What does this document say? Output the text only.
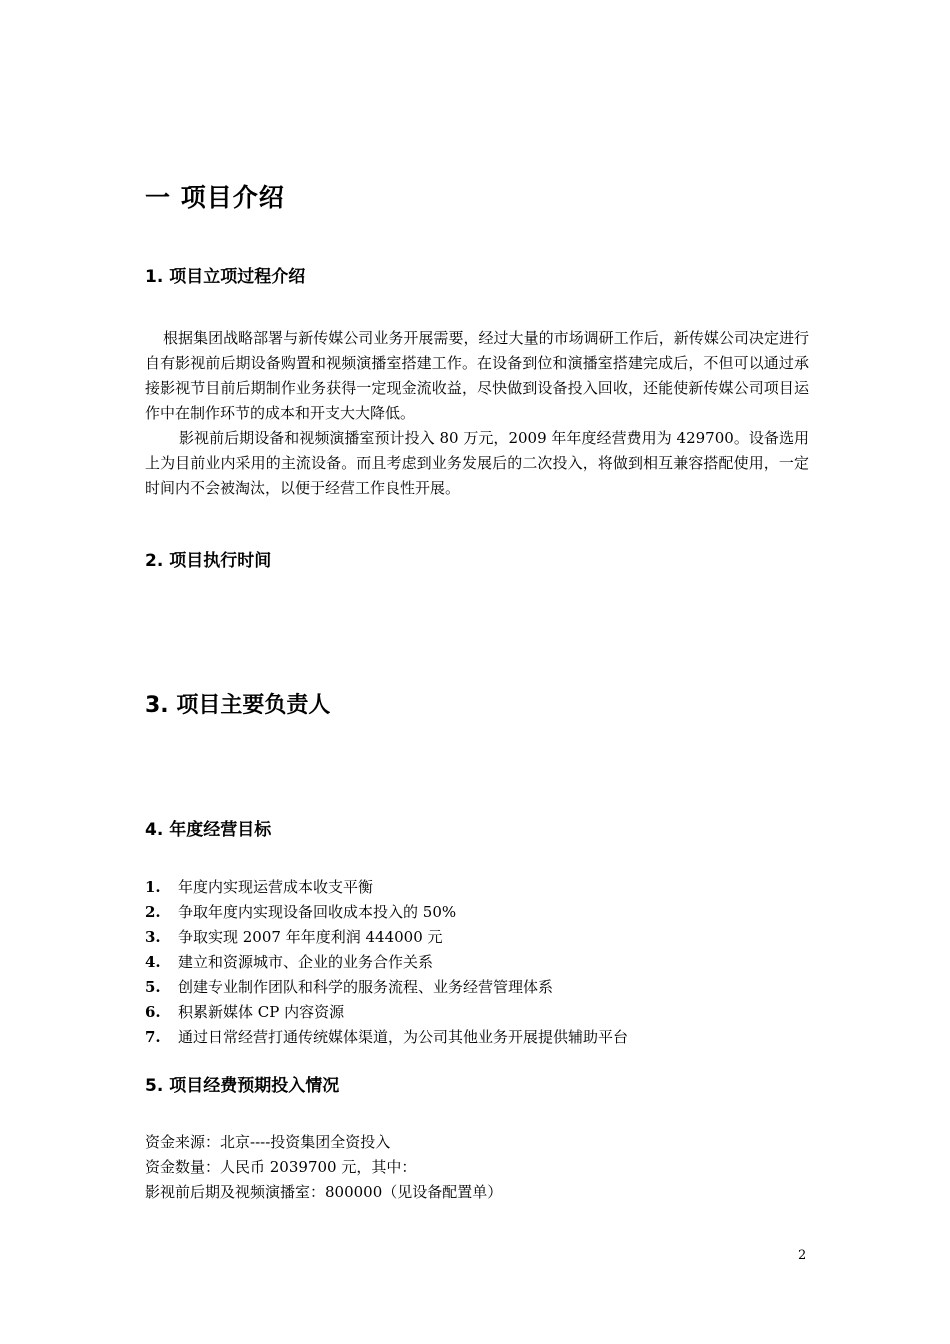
一 项目介绍
1. 项目立项过程介绍
根据集团战略部署与新传媒公司业务开展需要，经过大量的市场调研工作后，新传媒公司决定进行自有影视前后期设备购置和视频演播室搭建工作。在设备到位和演播室搭建完成后，不但可以通过承接影视节目前后期制作业务获得一定现金流收益，尽快做到设备投入回收，还能使新传媒公司项目运作中在制作环节的成本和开支大大降低。
影视前后期设备和视频演播室预计投入 80 万元，2009 年年度经营费用为 429700。设备选用上为目前业内采用的主流设备。而且考虑到业务发展后的二次投入，将做到相互兼容搭配使用，一定时间内不会被淘汰，以便于经营工作良性开展。
2. 项目执行时间
3. 项目主要负责人
4. 年度经营目标
1. 年度内实现运营成本收支平衡
2. 争取年度内实现设备回收成本投入的 50%
3. 争取实现 2007 年年度利润 444000 元
4. 建立和资源城市、企业的业务合作关系
5. 创建专业制作团队和科学的服务流程、业务经营管理体系
6. 积累新媒体 CP 内容资源
7. 通过日常经营打通传统媒体渠道，为公司其他业务开展提供辅助平台
5. 项目经费预期投入情况
资金来源：北京----投资集团全资投入
资金数量：人民币 2039700 元，其中：
影视前后期及视频演播室：800000（见设备配置单）
2
